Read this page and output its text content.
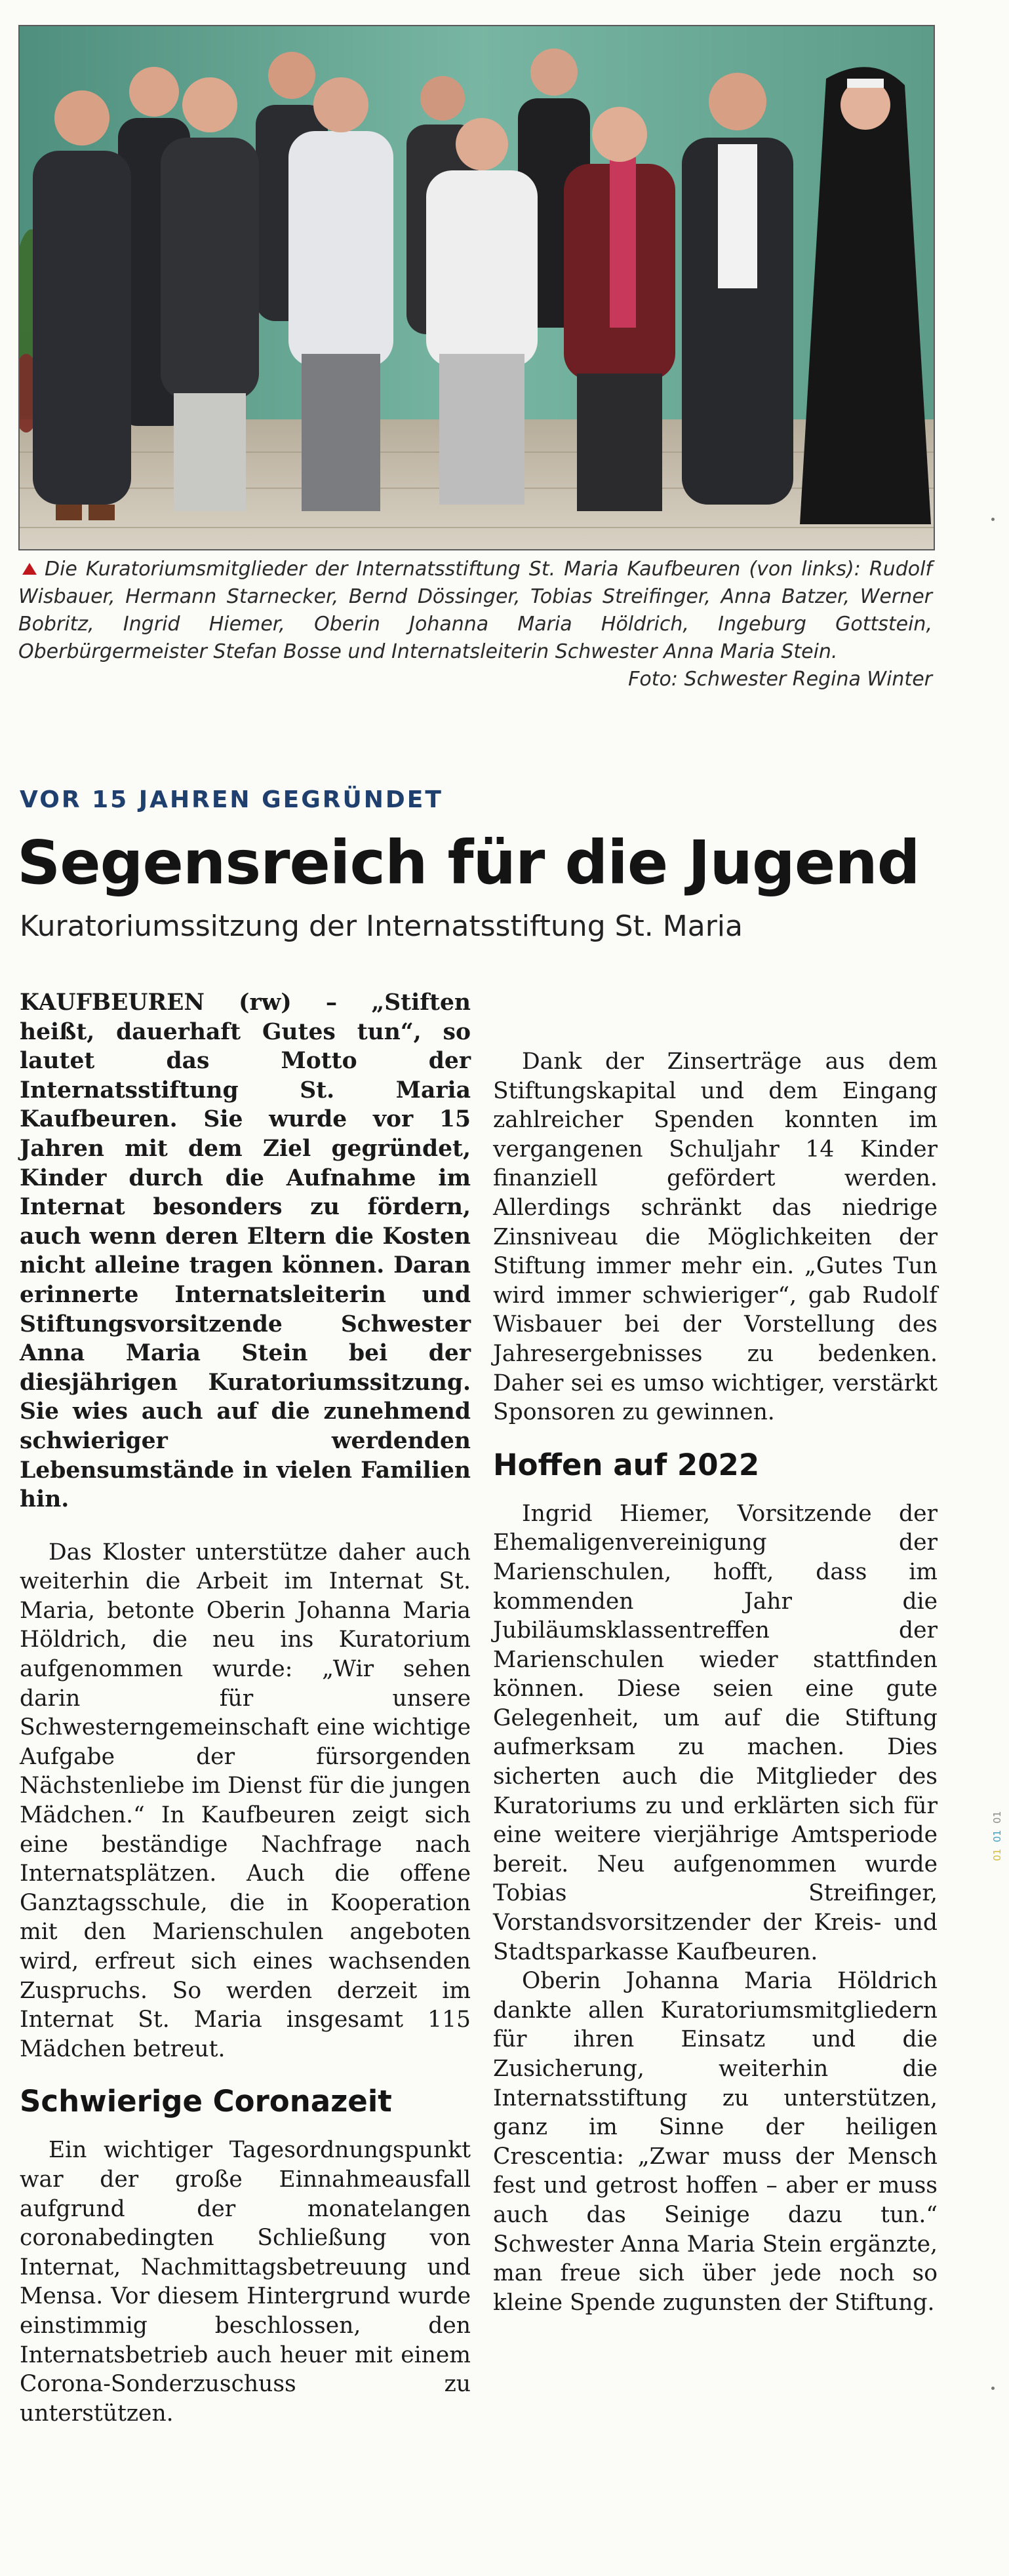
Die Kuratoriumsmitglieder der Internatsstiftung St. Maria Kaufbeuren (von links): Rudolf Wisbauer, Hermann Starnecker, Bernd Dössinger, Tobias Streifinger, Anna Batzer, Werner Bobritz, Ingrid Hiemer, Oberin Johanna Maria Höldrich, Ingeburg Gottstein, Oberbürgermeister Stefan Bosse und Internatsleiterin Schwester Anna Maria Stein.
Foto: Schwester Regina Winter
VOR 15 JAHREN GEGRÜNDET
Segensreich für die Jugend
Kuratoriumssitzung der Internatsstiftung St. Maria

KAUFBEUREN (rw) – „Stiften heißt, dauerhaft Gutes tun“, so lautet das Motto der Internatsstiftung St. Maria Kaufbeuren. Sie wurde vor 15 Jahren mit dem Ziel gegründet, Kinder durch die Aufnahme im Internat besonders zu fördern, auch wenn deren Eltern die Kosten nicht alleine tragen können. Daran erinnerte Internatsleiterin und Stiftungsvorsitzende Schwester Anna Maria Stein bei der diesjährigen Kuratoriumssitzung. Sie wies auch auf die zunehmend schwieriger werdenden Lebensumstände in vielen Familien hin.

Das Kloster unterstütze daher auch weiterhin die Arbeit im Internat St. Maria, betonte Oberin Johanna Maria Höldrich, die neu ins Kuratorium aufgenommen wurde: „Wir sehen darin für unsere Schwesterngemeinschaft eine wichtige Aufgabe der fürsorgenden Nächstenliebe im Dienst für die jungen Mädchen.“ In Kaufbeuren zeigt sich eine beständige Nachfrage nach Internatsplätzen. Auch die offene Ganztagsschule, die in Kooperation mit den Marienschulen angeboten wird, erfreut sich eines wachsenden Zuspruchs. So werden derzeit im Internat St. Maria insgesamt 115 Mädchen betreut.

Schwierige Coronazeit

Ein wichtiger Tagesordnungspunkt war der große Einnahmeausfall aufgrund der monatelangen coronabedingten Schließung von Internat, Nachmittagsbetreuung und Mensa. Vor diesem Hintergrund wurde einstimmig beschlossen, den Internatsbetrieb auch heuer mit einem Corona-Sonderzuschuss zu unterstützen.

Dank der Zinserträge aus dem Stiftungskapital und dem Eingang zahlreicher Spenden konnten im vergangenen Schuljahr 14 Kinder finanziell gefördert werden. Allerdings schränkt das niedrige Zinsniveau die Möglichkeiten der Stiftung immer mehr ein. „Gutes Tun wird immer schwieriger“, gab Rudolf Wisbauer bei der Vorstellung des Jahresergebnisses zu bedenken. Daher sei es umso wichtiger, verstärkt Sponsoren zu gewinnen.

Hoffen auf 2022

Ingrid Hiemer, Vorsitzende der Ehemaligenvereinigung der Marienschulen, hofft, dass im kommenden Jahr die Jubiläumsklassentreffen der Marienschulen wieder stattfinden können. Diese seien eine gute Gelegenheit, um auf die Stiftung aufmerksam zu machen. Dies sicherten auch die Mitglieder des Kuratoriums zu und erklärten sich für eine weitere vierjährige Amtsperiode bereit. Neu aufgenommen wurde Tobias Streifinger, Vorstandsvorsitzender der Kreis- und Stadtsparkasse Kaufbeuren.

Oberin Johanna Maria Höldrich dankte allen Kuratoriumsmitgliedern für ihren Einsatz und die Zusicherung, weiterhin die Internatsstiftung zu unterstützen, ganz im Sinne der heiligen Crescentia: „Zwar muss der Mensch fest und getrost hoffen – aber er muss auch das Seinige dazu tun.“ Schwester Anna Maria Stein ergänzte, man freue sich über jede noch so kleine Spende zugunsten der Stiftung.

01  01  01
